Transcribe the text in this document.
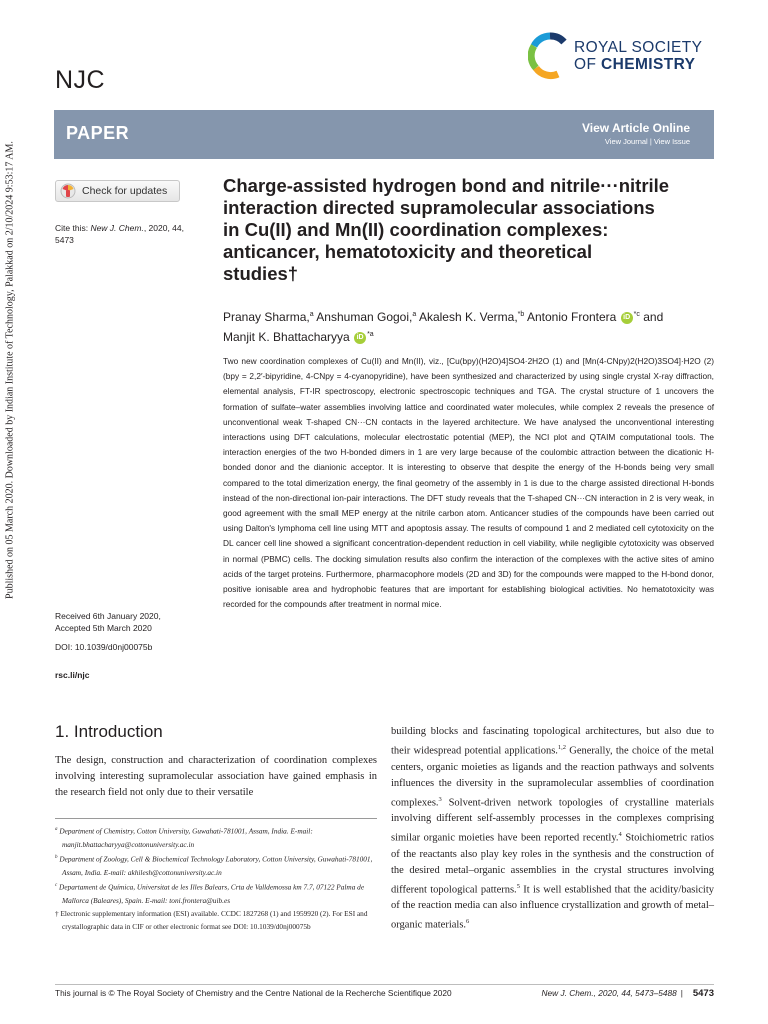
Published on 05 March 2020. Downloaded by Indian Institute of Technology, Palakkad on 2/10/2024 9:53:17 AM.
NJC
ROYAL SOCIETY
OF CHEMISTRY
PAPER	View Article Online
View Journal | View Issue
Check for updates
Cite this: New J. Chem., 2020, 44, 5473
Charge-assisted hydrogen bond and nitrile···nitrile
interaction directed supramolecular associations
in Cu(II) and Mn(II) coordination complexes:
anticancer, hematotoxicity and theoretical
studies†
Pranay Sharma,$^a$ Anshuman Gogoi,$^a$ Akalesh K. Verma,$^{*b}$ Antonio Frontera iD $^{*c}$ and
Manjit K. Bhattacharyya iD $^{*a}$
Two new coordination complexes of Cu(II) and Mn(II), viz., [Cu(bpy)(H2O)4]SO4·2H2O (1) and [Mn(4-CNpy)2(H2O)3SO4]·H2O (2) (bpy = 2,2′-bipyridine, 4-CNpy = 4-cyanopyridine), have been synthesized and characterized by using single crystal X-ray diffraction, elemental analysis, FT-IR spectroscopy, electronic spectroscopic techniques and TGA. The crystal structure of 1 uncovers the formation of sulfate–water assemblies involving lattice and coordinated water molecules, while complex 2 reveals the presence of unconventional weak T-shaped CN···CN contacts in the layered architecture. We have analysed the unconventional interesting interactions using DFT calculations, molecular electrostatic potential (MEP), the NCI plot and QTAIM computational tools. The interaction energies of the two H-bonded dimers in 1 are very large because of the coulombic attraction between the dicationic H-bonded donor and the dianionic acceptor. It is interesting to observe that despite the energy of the H-bonds being very small compared to the total dimerization energy, the final geometry of the assembly in 1 is due to the charge assisted directional H-bonds instead of the non-directional ion-pair interactions. The DFT study reveals that the T-shaped CN···CN interaction in 2 is very weak, in good agreement with the small MEP energy at the nitrile carbon atom. Anticancer studies of the compounds have been carried out using Dalton's lymphoma cell line using MTT and apoptosis assay. The results of compound 1 and 2 mediated cell cytotoxicity on the DL cancer cell line showed a significant concentration-dependent reduction in cell viability, while negligible cytotoxicity was observed in normal (PBMC) cells. The docking simulation results also confirm the interaction of the complexes with the active sites of amino acids of the target proteins. Furthermore, pharmacophore models (2D and 3D) for the compounds were mapped to the H-bond donor, positive ionisable area and hydrophobic features that are important for establishing biological activities. No hematotoxicity was recorded for the compounds after treatment in normal mice.
Received 6th January 2020,
Accepted 5th March 2020
DOI: 10.1039/d0nj00075b
rsc.li/njc
1. Introduction
The design, construction and characterization of coordination complexes involving interesting supramolecular association have gained emphasis in the research field not only due to their versatile

$^a$ Department of Chemistry, Cotton University, Guwahati-781001, Assam, India. E-mail: manjit.bhattacharyya@cottonuniversity.ac.in

$^b$ Department of Zoology, Cell & Biochemical Technology Laboratory, Cotton University, Guwahati-781001, Assam, India. E-mail: akhilesh@cottonuniversity.ac.in

$^c$ Departament de Química, Universitat de les Illes Balears, Crta de Valldemossa km 7.7, 07122 Palma de Mallorca (Baleares), Spain. E-mail: toni.frontera@uib.es

† Electronic supplementary information (ESI) available. CCDC 1827268 (1) and 1959920 (2). For ESI and crystallographic data in CIF or other electronic format see DOI: 10.1039/d0nj00075b

building blocks and fascinating topological architectures, but also due to their widespread potential applications.$^{1,2}$ Generally, the choice of the metal centers, organic moieties as ligands and the reaction pathways and solvents influences the diversity in the supramolecular assemblies of coordination complexes.$^3$ Solvent-driven network topologies of crystalline materials involving different self-assembly processes in the complexes comprising similar organic moieties have been reported recently.$^4$ Stoichiometric ratios of the reactants also play key roles in the synthesis and the construction of the desired metal–organic assemblies in the crystal structures involving different topological patterns.$^5$ It is well established that the acidity/basicity of the reaction media can also influence crystallization and growth of metal–organic materials.$^6$
This journal is © The Royal Society of Chemistry and the Centre National de la Recherche Scientifique 2020	New J. Chem., 2020, 44, 5473–5488 | 5473
